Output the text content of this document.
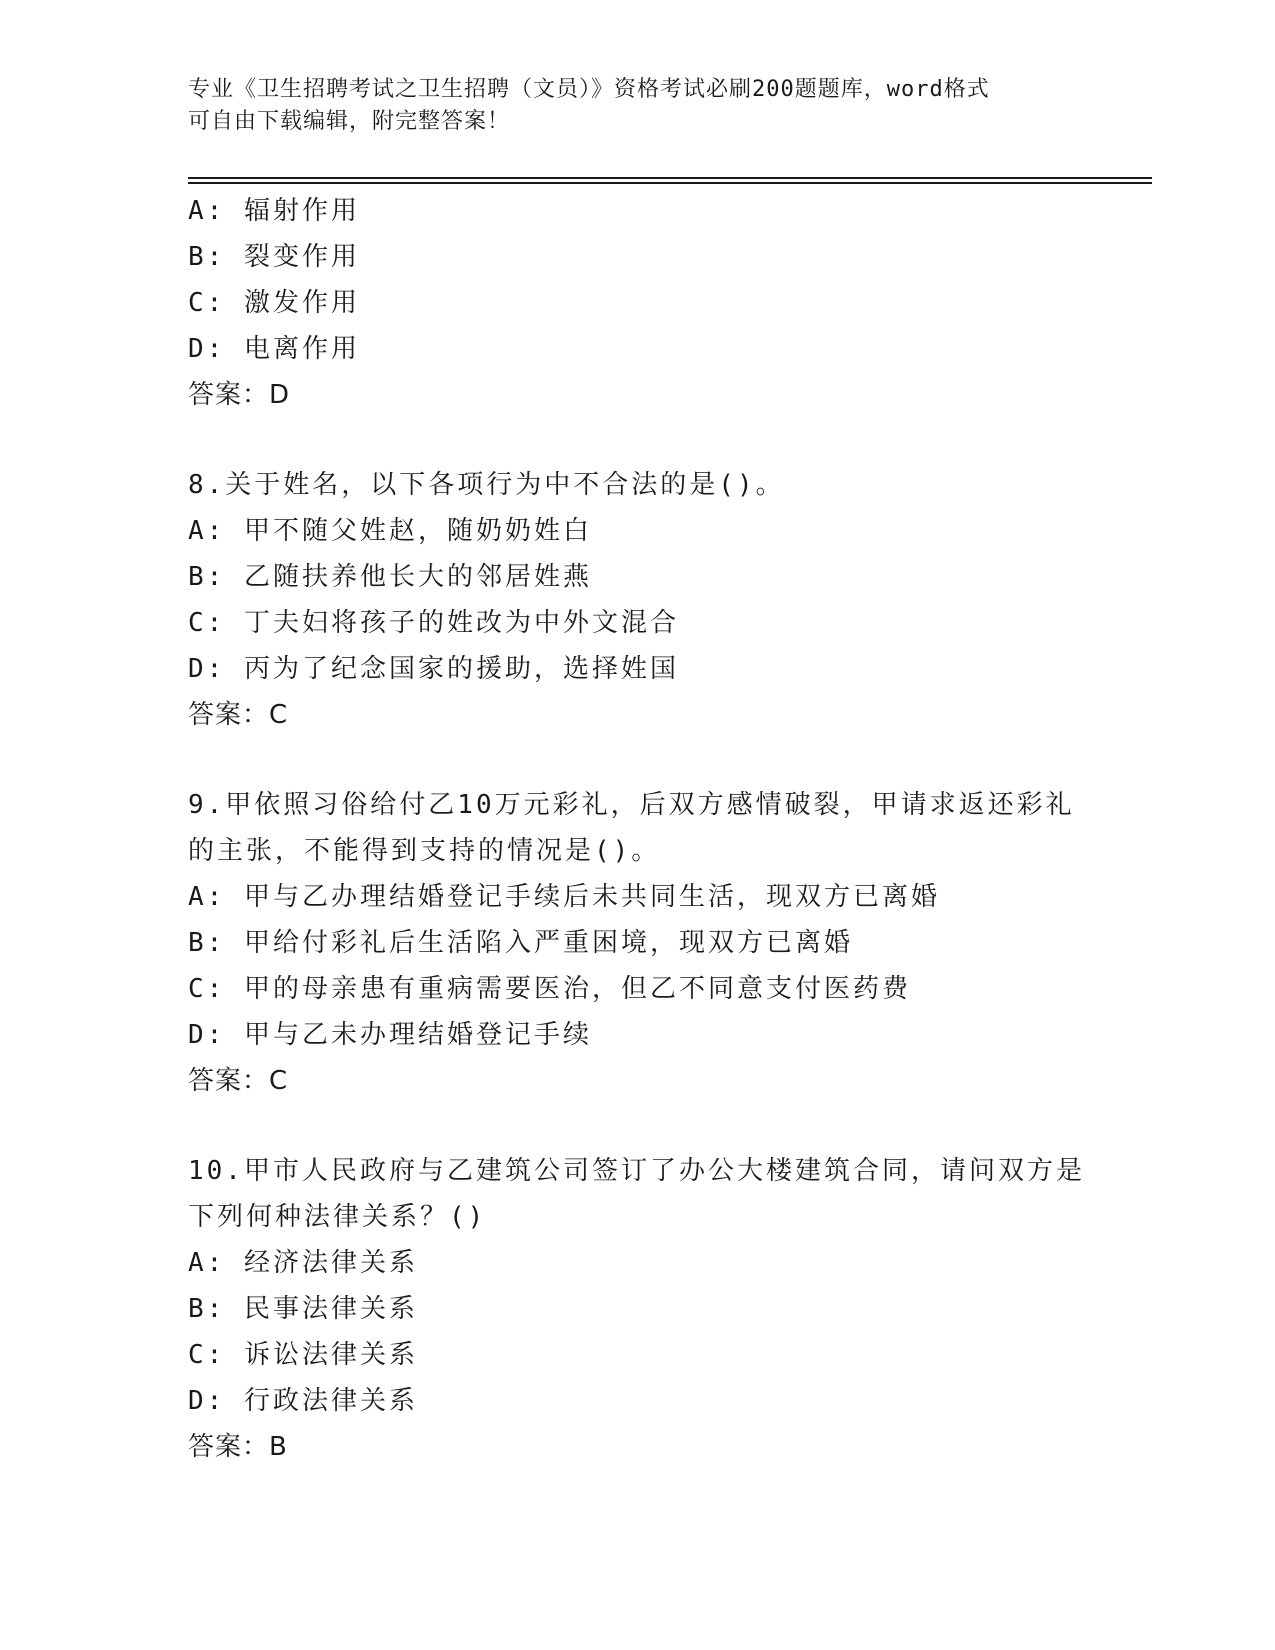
专业《卫生招聘考试之卫生招聘（文员）》资格考试必刷200题题库，word格式
可自由下载编辑，附完整答案！
A: 辐射作用
B: 裂变作用
C: 激发作用
D: 电离作用
答案：D
8.关于姓名，以下各项行为中不合法的是()。
A: 甲不随父姓赵，随奶奶姓白
B: 乙随扶养他长大的邻居姓燕
C: 丁夫妇将孩子的姓改为中外文混合
D: 丙为了纪念国家的援助，选择姓国
答案：C
9.甲依照习俗给付乙10万元彩礼，后双方感情破裂，甲请求返还彩礼
的主张，不能得到支持的情况是()。
A: 甲与乙办理结婚登记手续后未共同生活，现双方已离婚
B: 甲给付彩礼后生活陷入严重困境，现双方已离婚
C: 甲的母亲患有重病需要医治，但乙不同意支付医药费
D: 甲与乙未办理结婚登记手续
答案：C
10.甲市人民政府与乙建筑公司签订了办公大楼建筑合同，请问双方是
下列何种法律关系？()
A: 经济法律关系
B: 民事法律关系
C: 诉讼法律关系
D: 行政法律关系
答案：B
